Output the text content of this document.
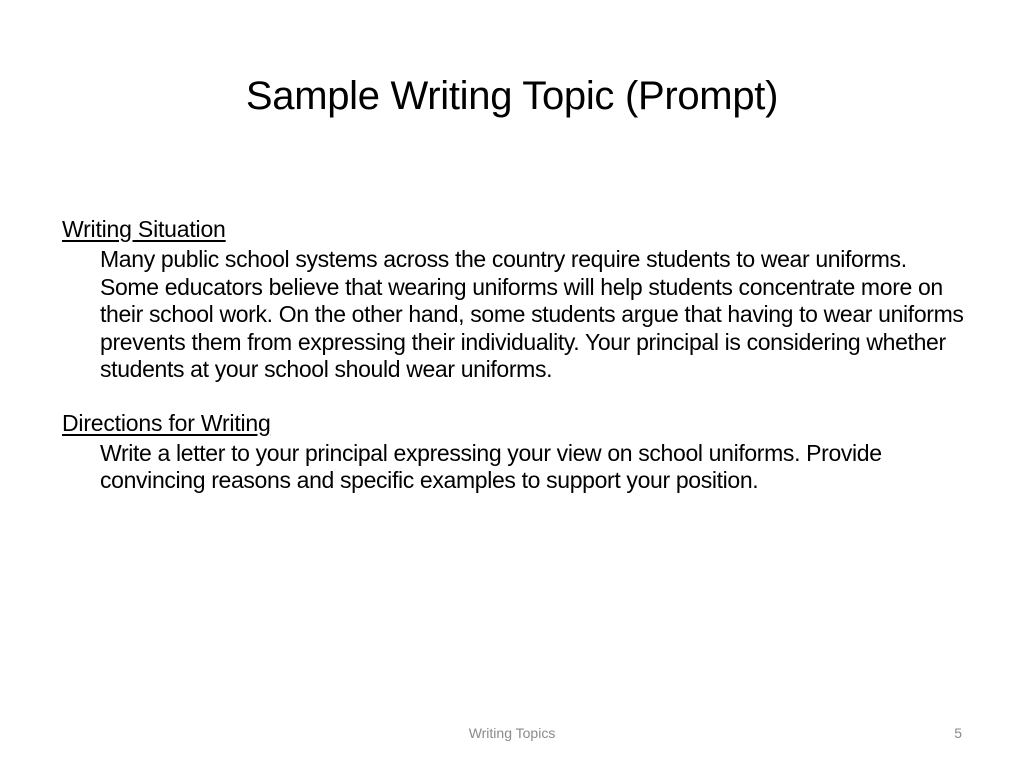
Sample Writing Topic (Prompt)

Writing Situation

Many public school systems across the country require students to wear uniforms. Some educators believe that wearing uniforms will help students concentrate more on their school work. On the other hand, some students argue that having to wear uniforms prevents them from expressing their individuality. Your principal is considering whether students at your school should wear uniforms.

Directions for Writing

Write a letter to your principal expressing your view on school uniforms. Provide convincing reasons and specific examples to support your position.

Writing Topics	5
